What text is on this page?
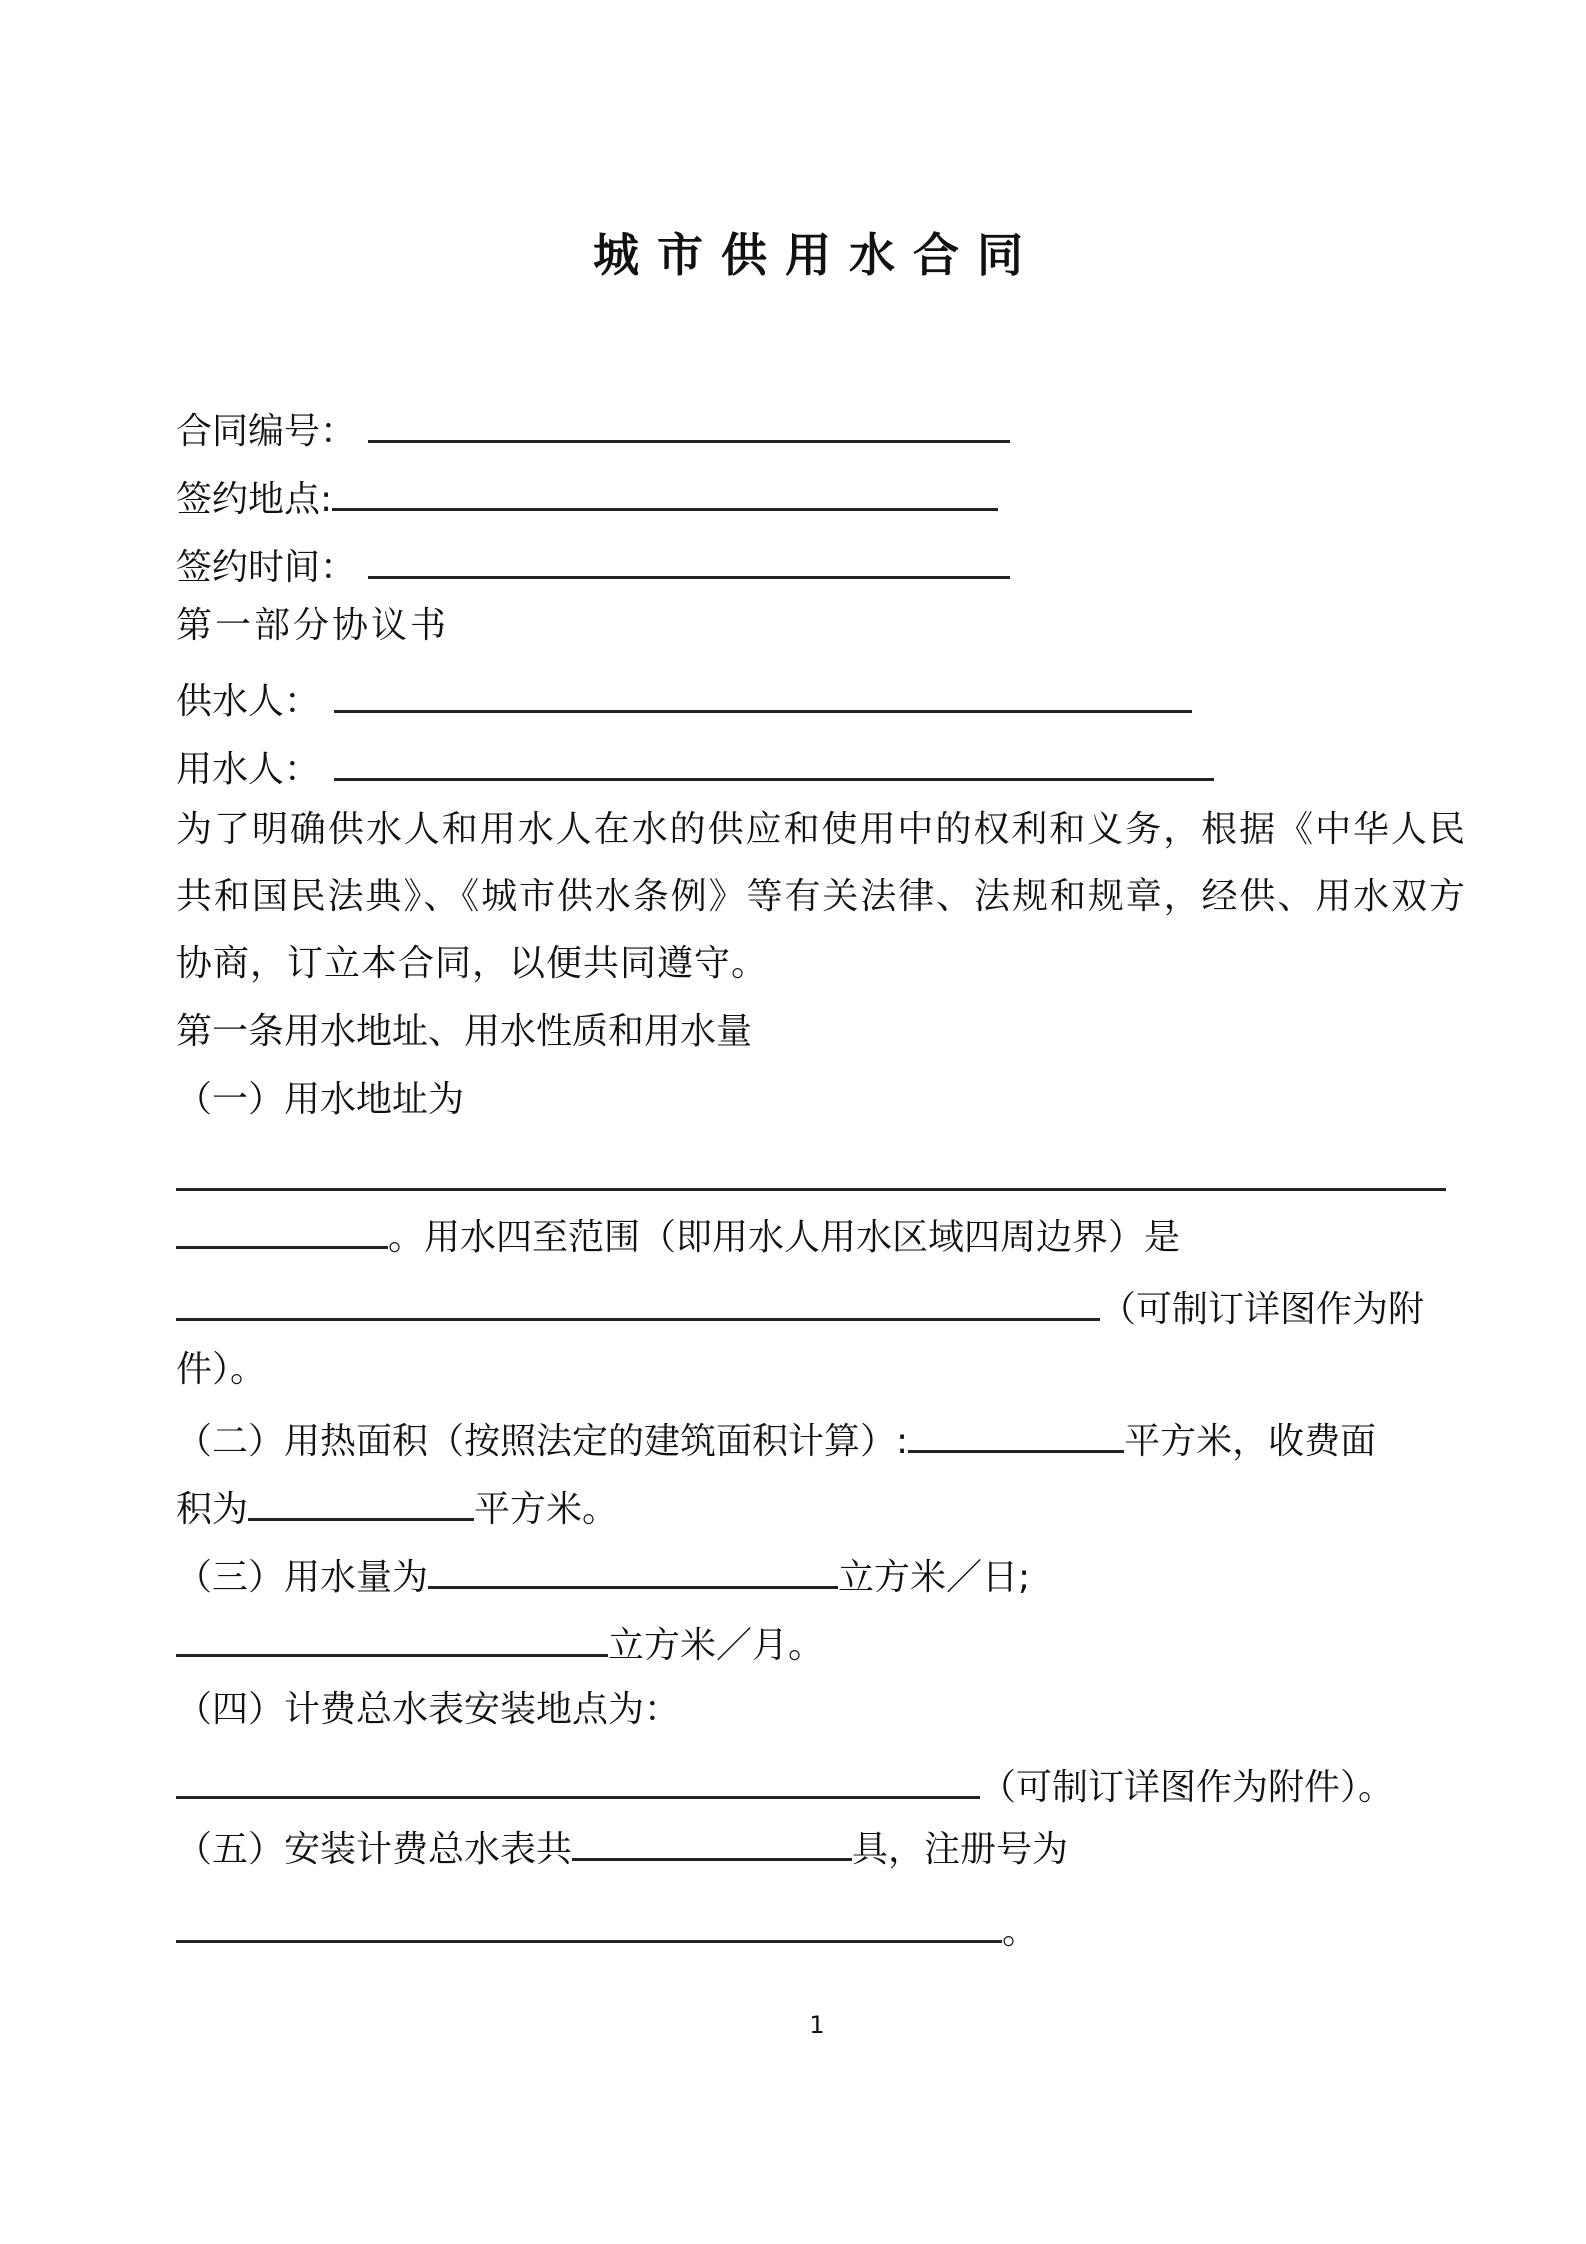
城市供用水合同
合同编号：
签约地点:
签约时间：
第一部分协议书
供水人：
用水人：
为了明确供水人和用水人在水的供应和使用中的权利和义务，根据《中华人民共和国民法典》、《城市供水条例》等有关法律、法规和规章，经供、用水双方协商，订立本合同，以便共同遵守。
第一条用水地址、用水性质和用水量
（一）用水地址为
。用水四至范围（即用水人用水区域四周边界）是
（可制订详图作为附
件）。
（二）用热面积（按照法定的建筑面积计算）:	平方米，收费面
积为	平方米。
（三）用水量为	立方米／日;
立方米／月。
（四）计费总水表安装地点为：
（可制订详图作为附件）。
（五）安装计费总水表共	具，注册号为
。
1
